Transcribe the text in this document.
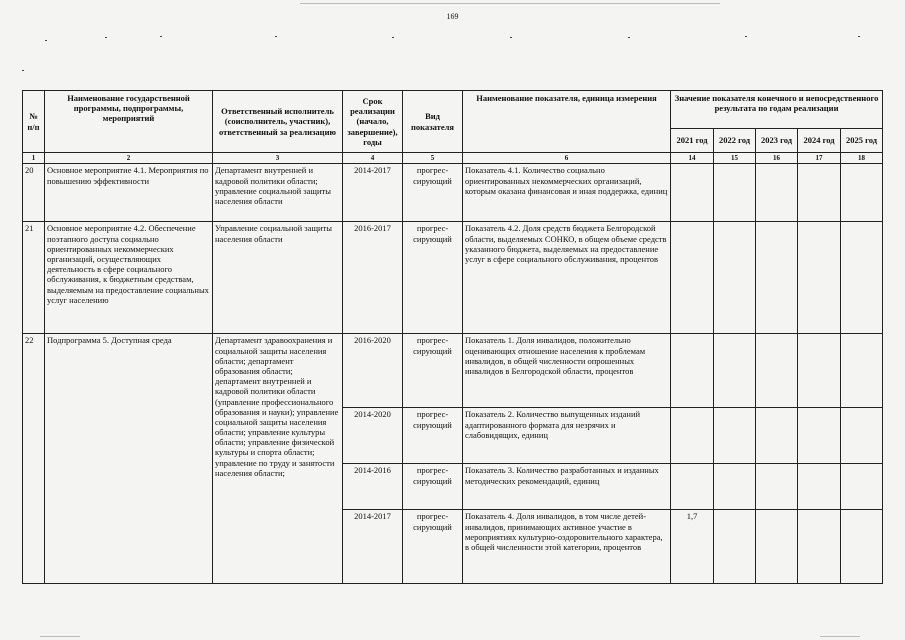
169
№ п/п	Наименование государственной программы, подпрограммы, мероприятий	Ответственный исполнитель (соисполнитель, участник), ответственный за реализацию	Срок реализации (начало, завершение), годы	Вид показателя	Наименование показателя, единица измерения	Значение показателя конечного и непосредственного результата по годам реализации				
						2021 год	2022 год	2023 год	2024 год	2025 год
1	2	3	4	5	6	14	15	16	17	18
20	Основное мероприятие 4.1. Мероприятия по повышению эффективности	Департамент внутренней и кадровой политики области; управление социальной защиты населения области	2014-2017	прогрес-сирующий	Показатель 4.1. Количество социально ориентированных некоммерческих организаций, которым оказана финансовая и иная поддержка, единиц					
21	Основное мероприятие 4.2. Обеспечение поэтапного доступа социально ориентированных некоммерческих организаций, осуществляющих деятельность в сфере социального обслуживания, к бюджетным средствам, выделяемым на предоставление социальных услуг населению	Управление социальной защиты населения области	2016-2017	прогрес-сирующий	Показатель 4.2. Доля средств бюджета Белгородской области, выделяемых СОНКО, в общем объеме средств указанного бюджета, выделяемых на предоставление услуг в сфере социального обслуживания, процентов					
22	Подпрограмма 5. Доступная среда	Департамент здравоохранения и социальной защиты населения области; департамент образования области; департамент внутренней и кадровой политики области (управление профессионального образования и науки); управление социальной защиты населения области; управление культуры области; управление физической культуры и спорта области; управление по труду и занятости населения области;	2016-2020	прогрес-сирующий	Показатель 1. Доля инвалидов, положительно оценивающих отношение населения к проблемам инвалидов, в общей численности опрошенных инвалидов в Белгородской области, процентов					
			2014-2020	прогрес-сирующий	Показатель 2. Количество выпущенных изданий адаптированного формата для незрячих и слабовидящих, единиц					
			2014-2016	прогрес-сирующий	Показатель 3. Количество разработанных и изданных методических рекомендаций, единиц					
			2014-2017	прогрес-сирующий	Показатель 4. Доля инвалидов, в том числе детей-инвалидов, принимающих активное участие в мероприятиях культурно-оздоровительного характера, в общей численности этой категории, процентов	1,7				
